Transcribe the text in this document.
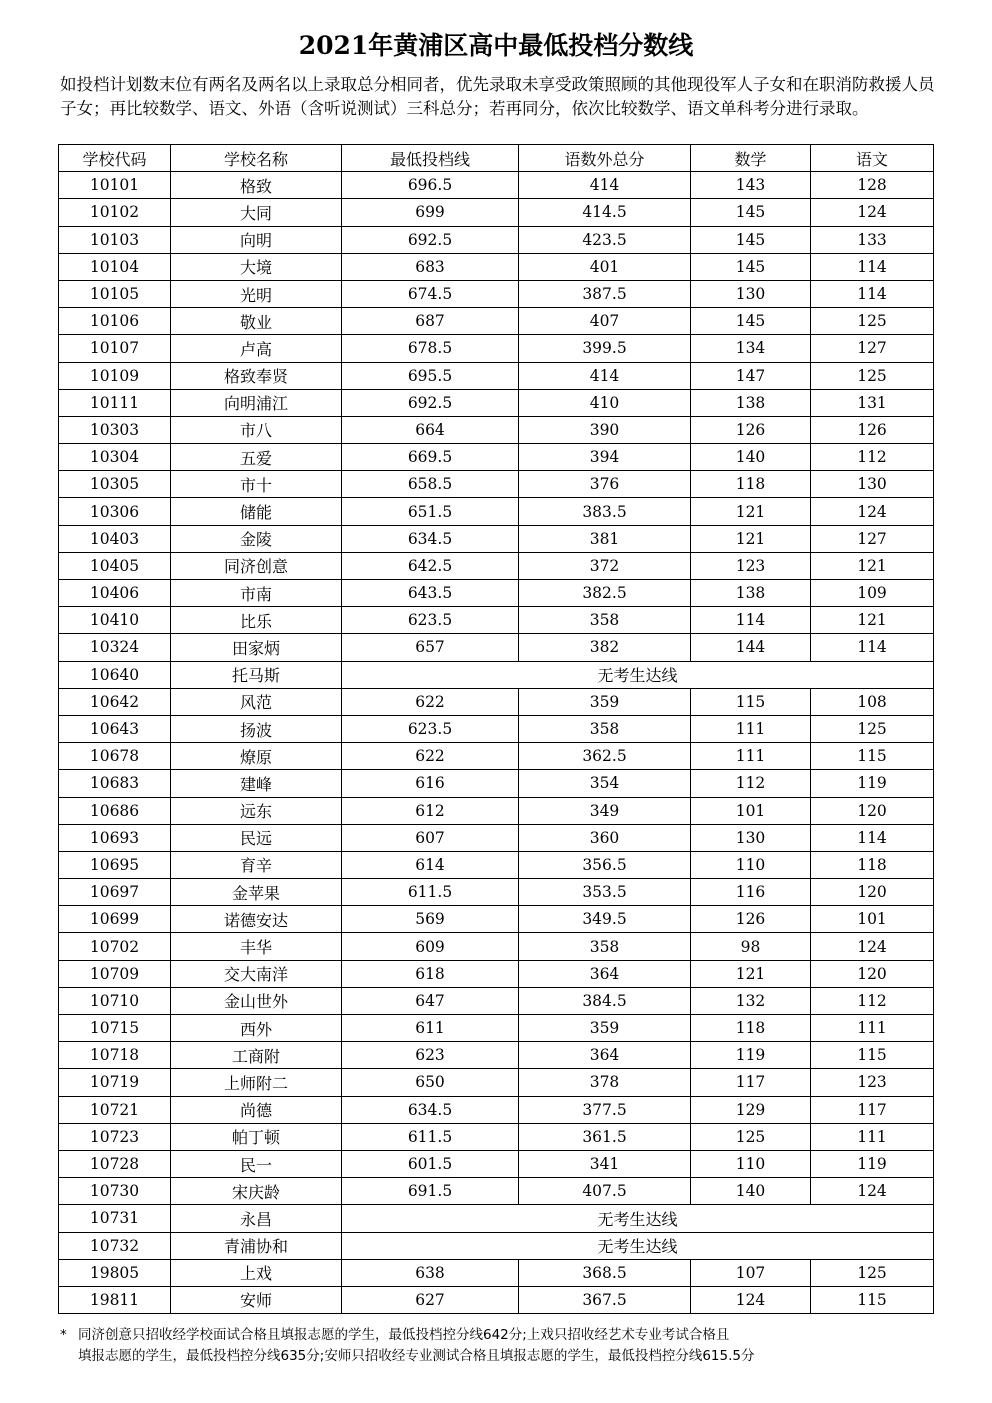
2021年黄浦区高中最低投档分数线
如投档计划数末位有两名及两名以上录取总分相同者，优先录取未享受政策照顾的其他现役军人子女和在职消防救援人员子女；再比较数学、语文、外语（含听说测试）三科总分；若再同分，依次比较数学、语文单科考分进行录取。
学校代码	学校名称	最低投档线	语数外总分	数学	语文
10101	格致	696.5	414	143	128
10102	大同	699	414.5	145	124
10103	向明	692.5	423.5	145	133
10104	大境	683	401	145	114
10105	光明	674.5	387.5	130	114
10106	敬业	687	407	145	125
10107	卢高	678.5	399.5	134	127
10109	格致奉贤	695.5	414	147	125
10111	向明浦江	692.5	410	138	131
10303	市八	664	390	126	126
10304	五爱	669.5	394	140	112
10305	市十	658.5	376	118	130
10306	储能	651.5	383.5	121	124
10403	金陵	634.5	381	121	127
10405	同济创意	642.5	372	123	121
10406	市南	643.5	382.5	138	109
10410	比乐	623.5	358	114	121
10324	田家炳	657	382	144	114
10640	托马斯	无考生达线			
10642	风范	622	359	115	108
10643	扬波	623.5	358	111	125
10678	燎原	622	362.5	111	115
10683	建峰	616	354	112	119
10686	远东	612	349	101	120
10693	民远	607	360	130	114
10695	育辛	614	356.5	110	118
10697	金苹果	611.5	353.5	116	120
10699	诺德安达	569	349.5	126	101
10702	丰华	609	358	98	124
10709	交大南洋	618	364	121	120
10710	金山世外	647	384.5	132	112
10715	西外	611	359	118	111
10718	工商附	623	364	119	115
10719	上师附二	650	378	117	123
10721	尚德	634.5	377.5	129	117
10723	帕丁顿	611.5	361.5	125	111
10728	民一	601.5	341	110	119
10730	宋庆龄	691.5	407.5	140	124
10731	永昌	无考生达线			
10732	青浦协和	无考生达线			
19805	上戏	638	368.5	107	125
19811	安师	627	367.5	124	115
* 同济创意只招收经学校面试合格且填报志愿的学生，最低投档控分线642分;上戏只招收经艺术专业考试合格且
填报志愿的学生，最低投档控分线635分;安师只招收经专业测试合格且填报志愿的学生，最低投档控分线615.5分
